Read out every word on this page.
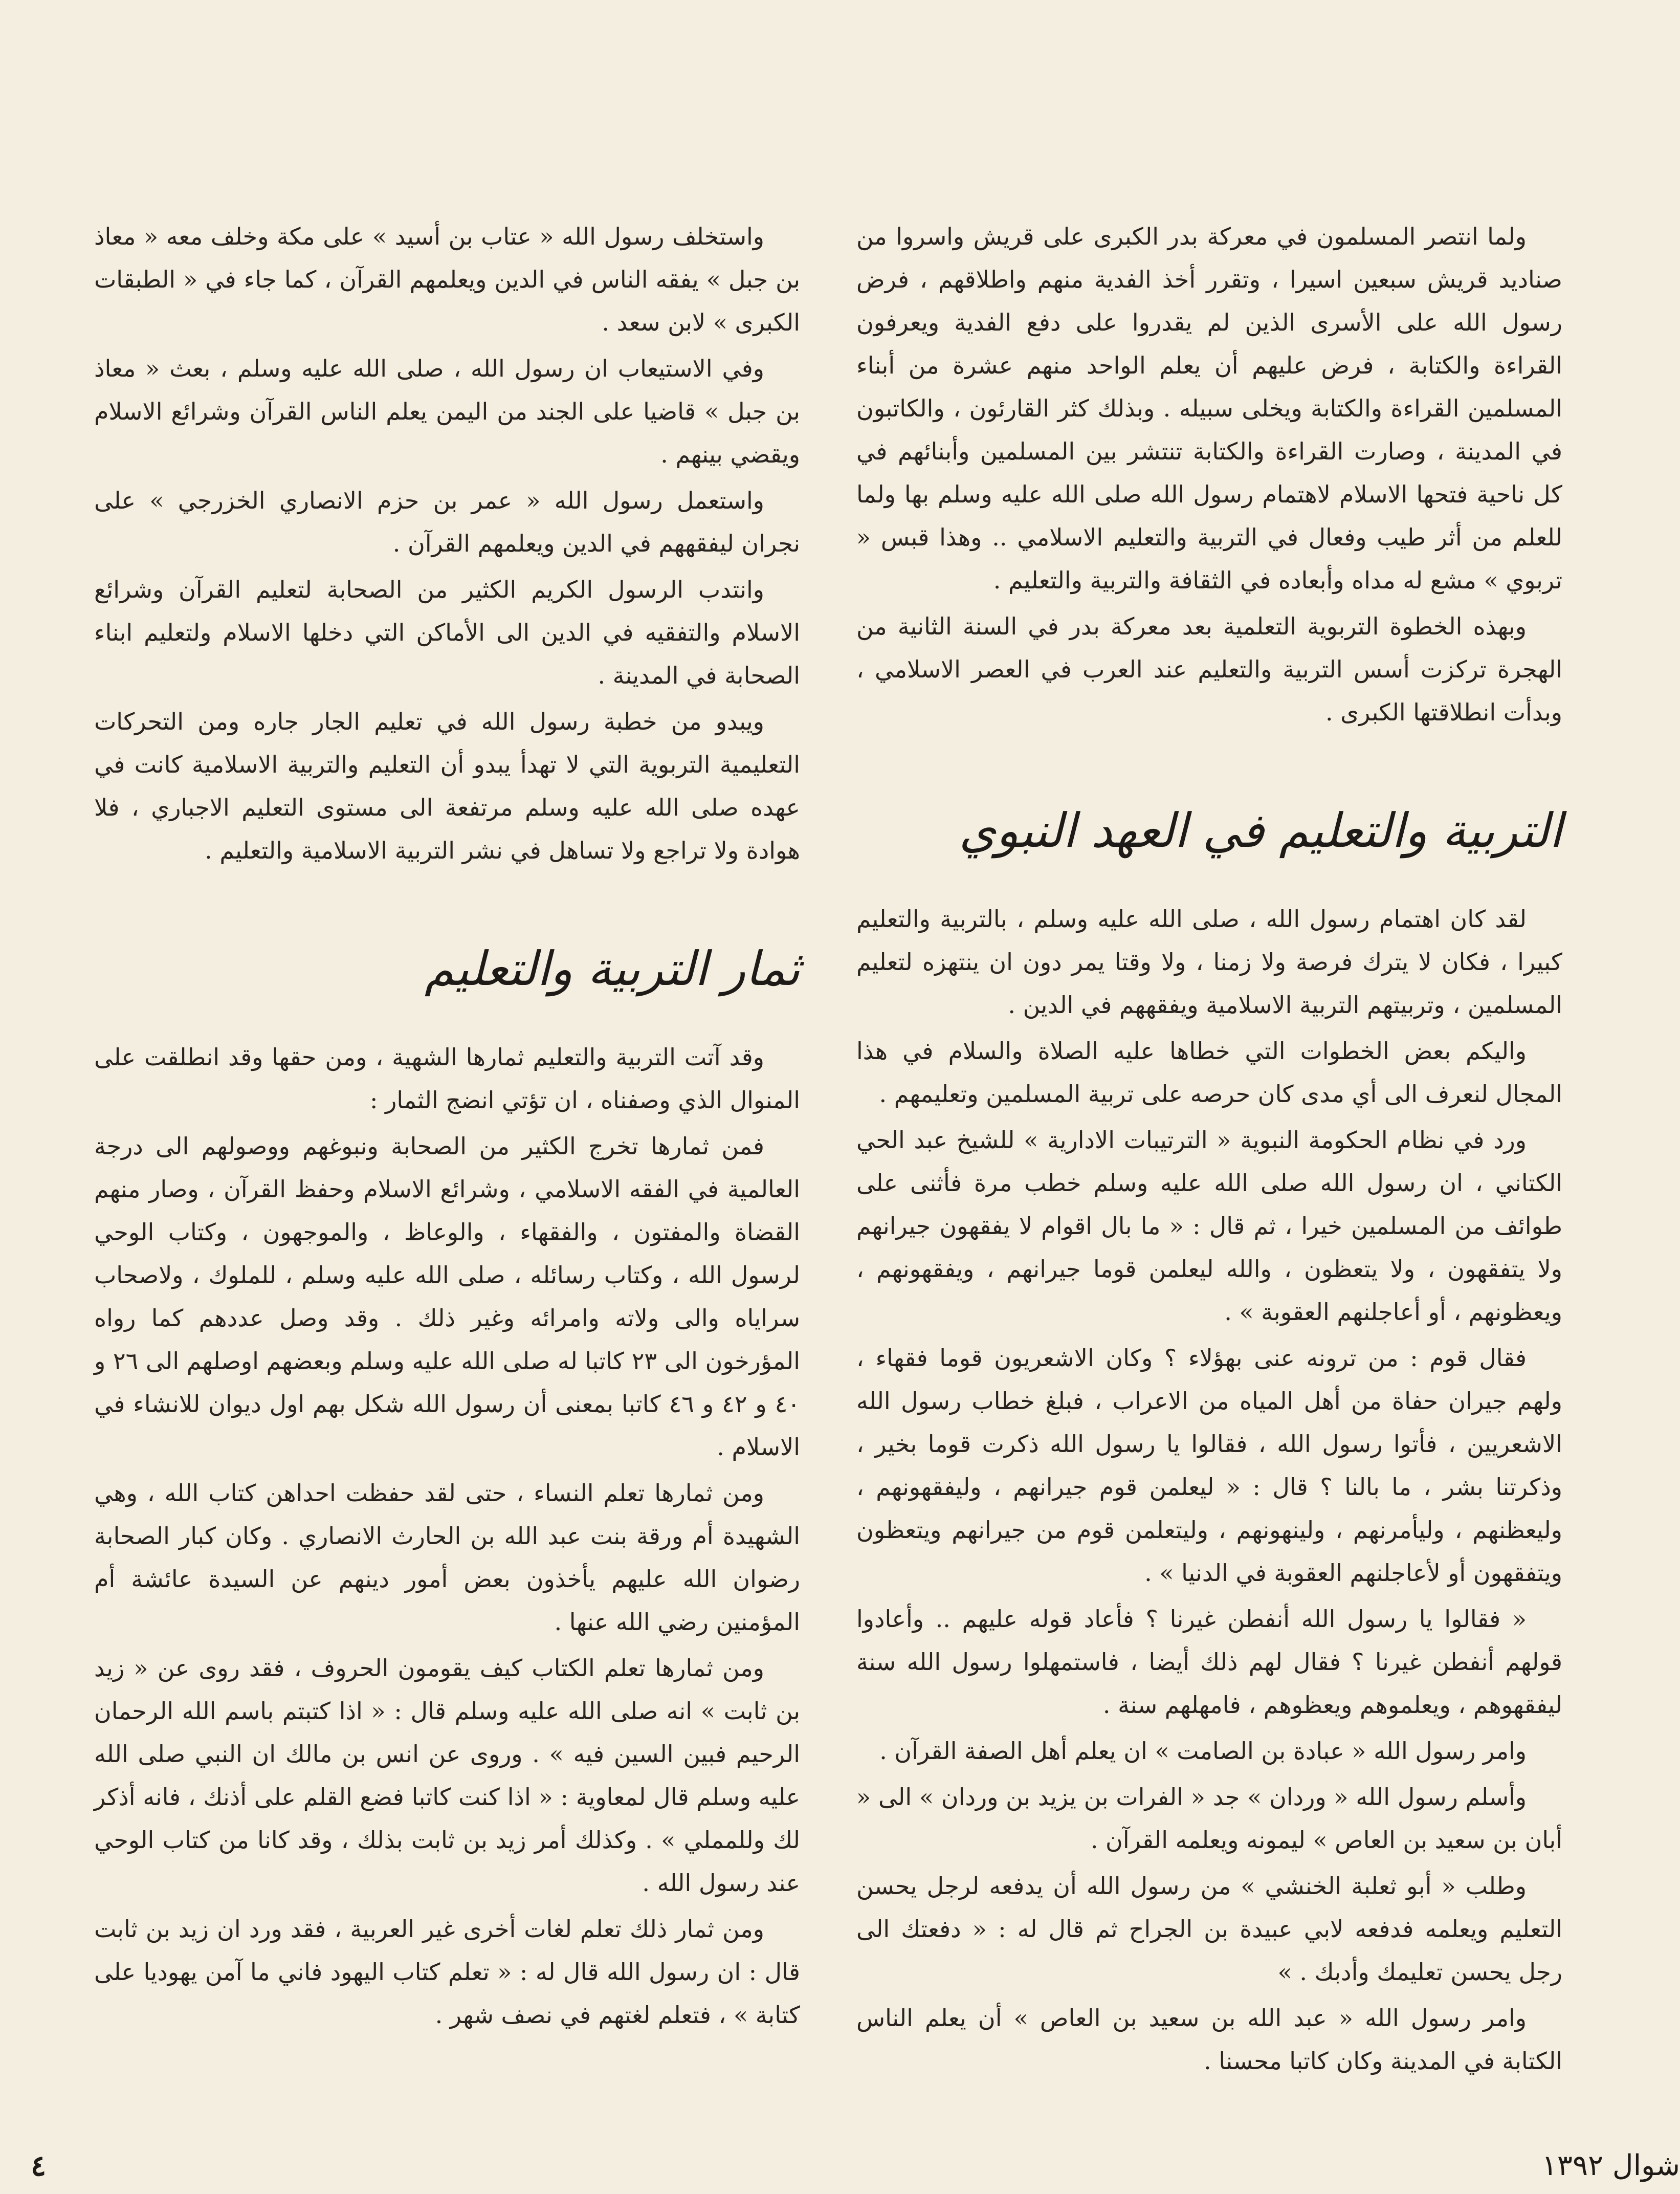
ولما انتصر المسلمون في معركة بدر الكبرى على قريش واسروا من صناديد قريش سبعين اسيرا ، وتقرر أخذ الفدية منهم واطلاقهم ، فرض رسول الله على الأسرى الذين لم يقدروا على دفع الفدية ويعرفون القراءة والكتابة ، فرض عليهم أن يعلم الواحد منهم عشرة من أبناء المسلمين القراءة والكتابة ويخلى سبيله . وبذلك كثر القارئون ، والكاتبون في المدينة ، وصارت القراءة والكتابة تنتشر بين المسلمين وأبنائهم في كل ناحية فتحها الاسلام لاهتمام رسول الله صلى الله عليه وسلم بها ولما للعلم من أثر طيب وفعال في التربية والتعليم الاسلامي .. وهذا قبس « تربوي » مشع له مداه وأبعاده في الثقافة والتربية والتعليم .

وبهذه الخطوة التربوية التعلمية بعد معركة بدر في السنة الثانية من الهجرة تركزت أسس التربية والتعليم عند العرب في العصر الاسلامي ، وبدأت انطلاقتها الكبرى .

التربية والتعليم في العهد النبوي

لقد كان اهتمام رسول الله ، صلى الله عليه وسلم ، بالتربية والتعليم كبيرا ، فكان لا يترك فرصة ولا زمنا ، ولا وقتا يمر دون ان ينتهزه لتعليم المسلمين ، وتربيتهم التربية الاسلامية ويفقههم في الدين .

واليكم بعض الخطوات التي خطاها عليه الصلاة والسلام في هذا المجال لنعرف الى أي مدى كان حرصه على تربية المسلمين وتعليمهم .

ورد في نظام الحكومة النبوية « الترتيبات الادارية » للشيخ عبد الحي الكتاني ، ان رسول الله صلى الله عليه وسلم خطب مرة فأثنى على طوائف من المسلمين خيرا ، ثم قال : « ما بال اقوام لا يفقهون جيرانهم ولا يتفقهون ، ولا يتعظون ، والله ليعلمن قوما جيرانهم ، ويفقهونهم ، ويعظونهم ، أو أعاجلنهم العقوبة » .

فقال قوم : من ترونه عنى بهؤلاء ؟ وكان الاشعريون قوما فقهاء ، ولهم جيران حفاة من أهل المياه من الاعراب ، فبلغ خطاب رسول الله الاشعريين ، فأتوا رسول الله ، فقالوا يا رسول الله ذكرت قوما بخير ، وذكرتنا بشر ، ما بالنا ؟ قال : « ليعلمن قوم جيرانهم ، وليفقهونهم ، وليعظنهم ، وليأمرنهم ، ولينهونهم ، وليتعلمن قوم من جيرانهم ويتعظون ويتفقهون أو لأعاجلنهم العقوبة في الدنيا » .

« فقالوا يا رسول الله أنفطن غيرنا ؟ فأعاد قوله عليهم .. وأعادوا قولهم أنفطن غيرنا ؟ فقال لهم ذلك أيضا ، فاستمهلوا رسول الله سنة ليفقهوهم ، ويعلموهم ويعظوهم ، فامهلهم سنة .

وامر رسول الله « عبادة بن الصامت » ان يعلم أهل الصفة القرآن .

وأسلم رسول الله « وردان » جد « الفرات بن يزيد بن وردان » الى « أبان بن سعيد بن العاص » ليمونه ويعلمه القرآن .

وطلب « أبو ثعلبة الخنشي » من رسول الله أن يدفعه لرجل يحسن التعليم ويعلمه فدفعه لابي عبيدة بن الجراح ثم قال له : « دفعتك الى رجل يحسن تعليمك وأدبك . »

وامر رسول الله « عبد الله بن سعيد بن العاص » أن يعلم الناس الكتابة في المدينة وكان كاتبا محسنا .

واستخلف رسول الله « عتاب بن أسيد » على مكة وخلف معه « معاذ بن جبل » يفقه الناس في الدين ويعلمهم القرآن ، كما جاء في « الطبقات الكبرى » لابن سعد .

وفي الاستيعاب ان رسول الله ، صلى الله عليه وسلم ، بعث « معاذ بن جبل » قاضيا على الجند من اليمن يعلم الناس القرآن وشرائع الاسلام ويقضي بينهم .

واستعمل رسول الله « عمر بن حزم الانصاري الخزرجي » على نجران ليفقههم في الدين ويعلمهم القرآن .

وانتدب الرسول الكريم الكثير من الصحابة لتعليم القرآن وشرائع الاسلام والتفقيه في الدين الى الأماكن التي دخلها الاسلام ولتعليم ابناء الصحابة في المدينة .

ويبدو من خطبة رسول الله في تعليم الجار جاره ومن التحركات التعليمية التربوية التي لا تهدأ يبدو أن التعليم والتربية الاسلامية كانت في عهده صلى الله عليه وسلم مرتفعة الى مستوى التعليم الاجباري ، فلا هوادة ولا تراجع ولا تساهل في نشر التربية الاسلامية والتعليم .

ثمار التربية والتعليم

وقد آتت التربية والتعليم ثمارها الشهية ، ومن حقها وقد انطلقت على المنوال الذي وصفناه ، ان تؤتي انضج الثمار :

فمن ثمارها تخرج الكثير من الصحابة ونبوغهم ووصولهم الى درجة العالمية في الفقه الاسلامي ، وشرائع الاسلام وحفظ القرآن ، وصار منهم القضاة والمفتون ، والفقهاء ، والوعاظ ، والموجهون ، وكتاب الوحي لرسول الله ، وكتاب رسائله ، صلى الله عليه وسلم ، للملوك ، ولاصحاب سراياه والى ولاته وامرائه وغير ذلك . وقد وصل عددهم كما رواه المؤرخون الى ٢٣ كاتبا له صلى الله عليه وسلم وبعضهم اوصلهم الى ٢٦ و ٤٠ و ٤٢ و ٤٦ كاتبا بمعنى أن رسول الله شكل بهم اول ديوان للانشاء في الاسلام .

ومن ثمارها تعلم النساء ، حتى لقد حفظت احداهن كتاب الله ، وهي الشهيدة أم ورقة بنت عبد الله بن الحارث الانصاري . وكان كبار الصحابة رضوان الله عليهم يأخذون بعض أمور دينهم عن السيدة عائشة أم المؤمنين رضي الله عنها .

ومن ثمارها تعلم الكتاب كيف يقومون الحروف ، فقد روى عن « زيد بن ثابت » انه صلى الله عليه وسلم قال : « اذا كتبتم باسم الله الرحمان الرحيم فبين السين فيه » . وروى عن انس بن مالك ان النبي صلى الله عليه وسلم قال لمعاوية : « اذا كنت كاتبا فضع القلم على أذنك ، فانه أذكر لك وللمملي » . وكذلك أمر زيد بن ثابت بذلك ، وقد كانا من كتاب الوحي عند رسول الله .

ومن ثمار ذلك تعلم لغات أخرى غير العربية ، فقد ورد ان زيد بن ثابت قال : ان رسول الله قال له : « تعلم كتاب اليهود فاني ما آمن يهوديا على كتابة » ، فتعلم لغتهم في نصف شهر .

شوال ١٣٩٢
٤
